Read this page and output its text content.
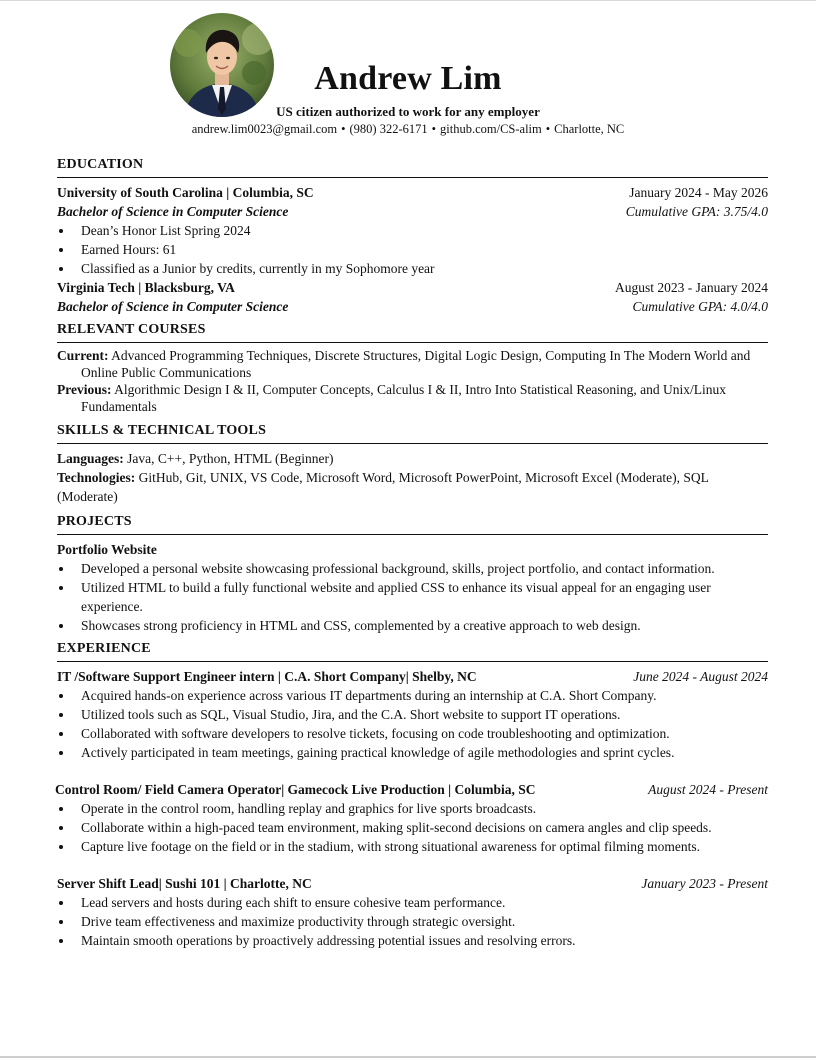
Andrew Lim
US citizen authorized to work for any employer
andrew.lim0023@gmail.com • (980) 322-6171 • github.com/CS-alim • Charlotte, NC
EDUCATION
University of South Carolina | Columbia, SC	January 2024 - May 2026
Bachelor of Science in Computer Science	Cumulative GPA: 3.75/4.0
Dean’s Honor List Spring 2024
Earned Hours: 61
Classified as a Junior by credits, currently in my Sophomore year
Virginia Tech | Blacksburg, VA	August 2023 - January 2024
Bachelor of Science in Computer Science	Cumulative GPA: 4.0/4.0
RELEVANT COURSES
Current: Advanced Programming Techniques, Discrete Structures, Digital Logic Design, Computing In The Modern World and Online Public Communications
Previous: Algorithmic Design I & II, Computer Concepts, Calculus I & II, Intro Into Statistical Reasoning, and Unix/Linux Fundamentals
SKILLS & TECHNICAL TOOLS
Languages: Java, C++, Python, HTML (Beginner)
Technologies: GitHub, Git, UNIX, VS Code, Microsoft Word, Microsoft PowerPoint, Microsoft Excel (Moderate), SQL (Moderate)
PROJECTS
Portfolio Website
Developed a personal website showcasing professional background, skills, project portfolio, and contact information.
Utilized HTML to build a fully functional website and applied CSS to enhance its visual appeal for an engaging user experience.
Showcases strong proficiency in HTML and CSS, complemented by a creative approach to web design.
EXPERIENCE
IT /Software Support Engineer intern | C.A. Short Company| Shelby, NC	June 2024 - August 2024
Acquired hands-on experience across various IT departments during an internship at C.A. Short Company.
Utilized tools such as SQL, Visual Studio, Jira, and the C.A. Short website to support IT operations.
Collaborated with software developers to resolve tickets, focusing on code troubleshooting and optimization.
Actively participated in team meetings, gaining practical knowledge of agile methodologies and sprint cycles.
Control Room/ Field Camera Operator| Gamecock Live Production | Columbia, SC	August 2024 - Present
Operate in the control room, handling replay and graphics for live sports broadcasts.
Collaborate within a high-paced team environment, making split-second decisions on camera angles and clip speeds.
Capture live footage on the field or in the stadium, with strong situational awareness for optimal filming moments.
Server Shift Lead| Sushi 101 | Charlotte, NC	January 2023 - Present
Lead servers and hosts during each shift to ensure cohesive team performance.
Drive team effectiveness and maximize productivity through strategic oversight.
Maintain smooth operations by proactively addressing potential issues and resolving errors.
